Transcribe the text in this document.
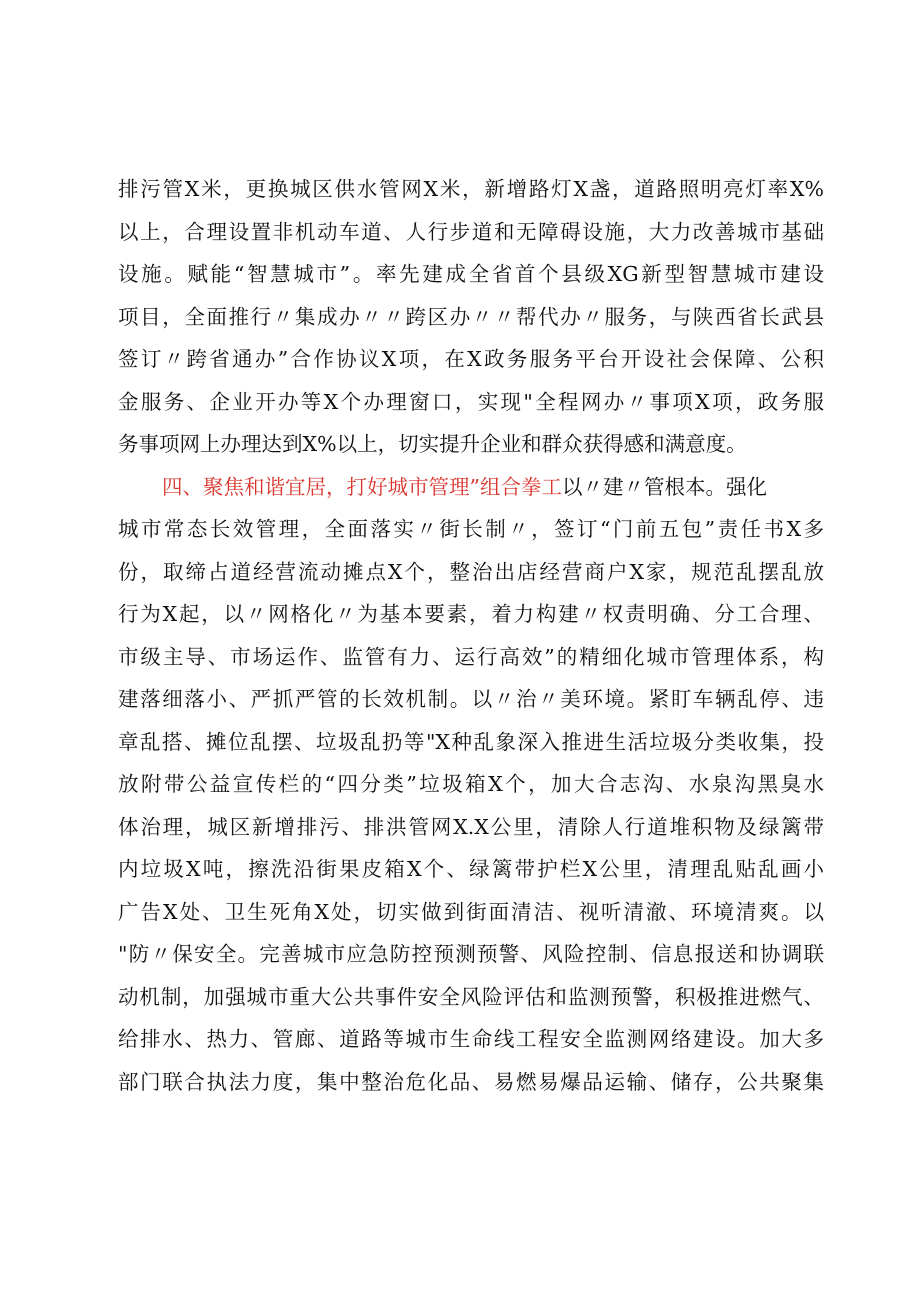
排污管X米，更换城区供水管网X米，新增路灯X盏，道路照明亮灯率X%
以上，合理设置非机动车道、人行步道和无障碍设施，大力改善城市基础
设施。赋能“智慧城市”。率先建成全省首个县级XG新型智慧城市建设
项目，全面推行〃集成办〃〃跨区办〃〃帮代办〃服务，与陕西省长武县
签订〃跨省通办”合作协议X项，在X政务服务平台开设社会保障、公积
金服务、企业开办等X个办理窗口，实现"全程网办〃事项X项，政务服
务事项网上办理达到X%以上，切实提升企业和群众获得感和满意度。
四、聚焦和谐宜居，打好城市管理”组合拳工以〃建〃管根本。强化
城市常态长效管理，全面落实〃街长制〃，签订“门前五包”责任书X多
份，取缔占道经营流动摊点X个，整治出店经营商户X家，规范乱摆乱放
行为X起，以〃网格化〃为基本要素，着力构建〃权责明确、分工合理、
市级主导、市场运作、监管有力、运行高效”的精细化城市管理体系，构
建落细落小、严抓严管的长效机制。以〃治〃美环境。紧盯车辆乱停、违
章乱搭、摊位乱摆、垃圾乱扔等"X种乱象深入推进生活垃圾分类收集，投
放附带公益宣传栏的“四分类”垃圾箱X个，加大合志沟、水泉沟黑臭水
体治理，城区新增排污、排洪管网X.X公里，清除人行道堆积物及绿篱带
内垃圾X吨，擦洗沿街果皮箱X个、绿篱带护栏X公里，清理乱贴乱画小
广告X处、卫生死角X处，切实做到街面清洁、视听清澈、环境清爽。以
"防〃保安全。完善城市应急防控预测预警、风险控制、信息报送和协调联
动机制，加强城市重大公共事件安全风险评估和监测预警，积极推进燃气、
给排水、热力、管廊、道路等城市生命线工程安全监测网络建设。加大多
部门联合执法力度，集中整治危化品、易燃易爆品运输、储存，公共聚集
